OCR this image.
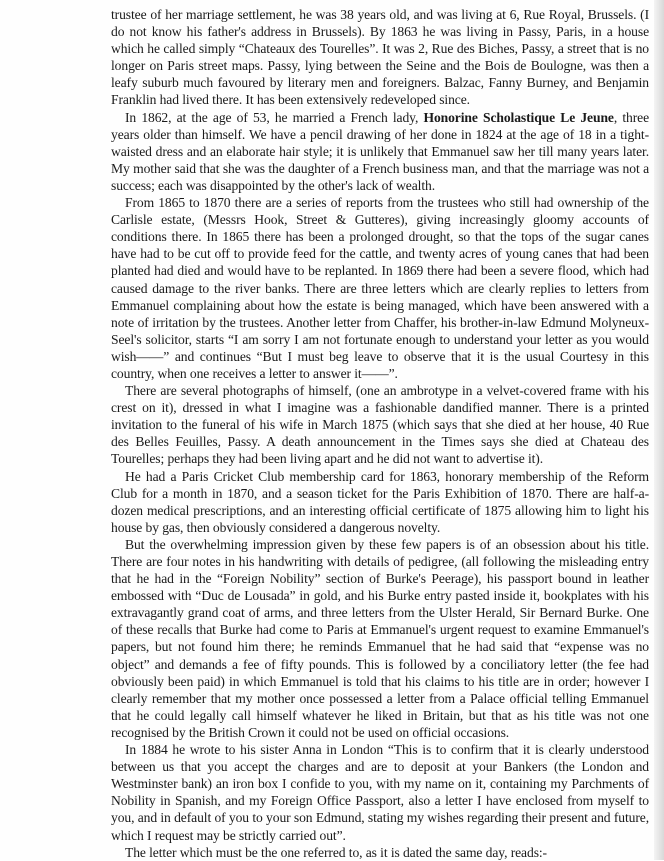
trustee of her marriage settlement, he was 38 years old, and was living at 6, Rue Royal, Brussels. (I do not know his father's address in Brussels). By 1863 he was living in Passy, Paris, in a house which he called simply “Chateaux des Tourelles”. It was 2, Rue des Biches, Passy, a street that is no longer on Paris street maps. Passy, lying between the Seine and the Bois de Boulogne, was then a leafy suburb much favoured by literary men and foreigners. Balzac, Fanny Burney, and Benjamin Franklin had lived there. It has been extensively redeveloped since.

In 1862, at the age of 53, he married a French lady, Honorine Scholastique Le Jeune, three years older than himself. We have a pencil drawing of her done in 1824 at the age of 18 in a tight-waisted dress and an elaborate hair style; it is unlikely that Emmanuel saw her till many years later. My mother said that she was the daughter of a French business man, and that the marriage was not a success; each was disappointed by the other's lack of wealth.

From 1865 to 1870 there are a series of reports from the trustees who still had ownership of the Carlisle estate, (Messrs Hook, Street & Gutteres), giving increasingly gloomy accounts of conditions there. In 1865 there has been a prolonged drought, so that the tops of the sugar canes have had to be cut off to provide feed for the cattle, and twenty acres of young canes that had been planted had died and would have to be replanted. In 1869 there had been a severe flood, which had caused damage to the river banks. There are three letters which are clearly replies to letters from Emmanuel complaining about how the estate is being managed, which have been answered with a note of irritation by the trustees. Another letter from Chaffer, his brother-in-law Edmund Molyneux-Seel's solicitor, starts “I am sorry I am not fortunate enough to understand your letter as you would wish——” and continues “But I must beg leave to observe that it is the usual Courtesy in this country, when one receives a letter to answer it——”.

There are several photographs of himself, (one an ambrotype in a velvet-covered frame with his crest on it), dressed in what I imagine was a fashionable dandified manner. There is a printed invitation to the funeral of his wife in March 1875 (which says that she died at her house, 40 Rue des Belles Feuilles, Passy. A death announcement in the Times says she died at Chateau des Tourelles; perhaps they had been living apart and he did not want to advertise it).

He had a Paris Cricket Club membership card for 1863, honorary membership of the Reform Club for a month in 1870, and a season ticket for the Paris Exhibition of 1870. There are half-a-dozen medical prescriptions, and an interesting official certificate of 1875 allowing him to light his house by gas, then obviously considered a dangerous novelty.

But the overwhelming impression given by these few papers is of an obsession about his title. There are four notes in his handwriting with details of pedigree, (all following the misleading entry that he had in the “Foreign Nobility” section of Burke's Peerage), his passport bound in leather embossed with “Duc de Lousada” in gold, and his Burke entry pasted inside it, bookplates with his extravagantly grand coat of arms, and three letters from the Ulster Herald, Sir Bernard Burke. One of these recalls that Burke had come to Paris at Emmanuel's urgent request to examine Emmanuel's papers, but not found him there; he reminds Emmanuel that he had said that “expense was no object” and demands a fee of fifty pounds. This is followed by a conciliatory letter (the fee had obviously been paid) in which Emmanuel is told that his claims to his title are in order; however I clearly remember that my mother once possessed a letter from a Palace official telling Emmanuel that he could legally call himself whatever he liked in Britain, but that as his title was not one recognised by the British Crown it could not be used on official occasions.

In 1884 he wrote to his sister Anna in London “This is to confirm that it is clearly understood between us that you accept the charges and are to deposit at your Bankers (the London and Westminster bank) an iron box I confide to you, with my name on it, containing my Parchments of Nobility in Spanish, and my Foreign Office Passport, also a letter I have enclosed from myself to you, and in default of you to your son Edmund, stating my wishes regarding their present and future, which I request may be strictly carried out”.

The letter which must be the one referred to, as it is dated the same day, reads:-
